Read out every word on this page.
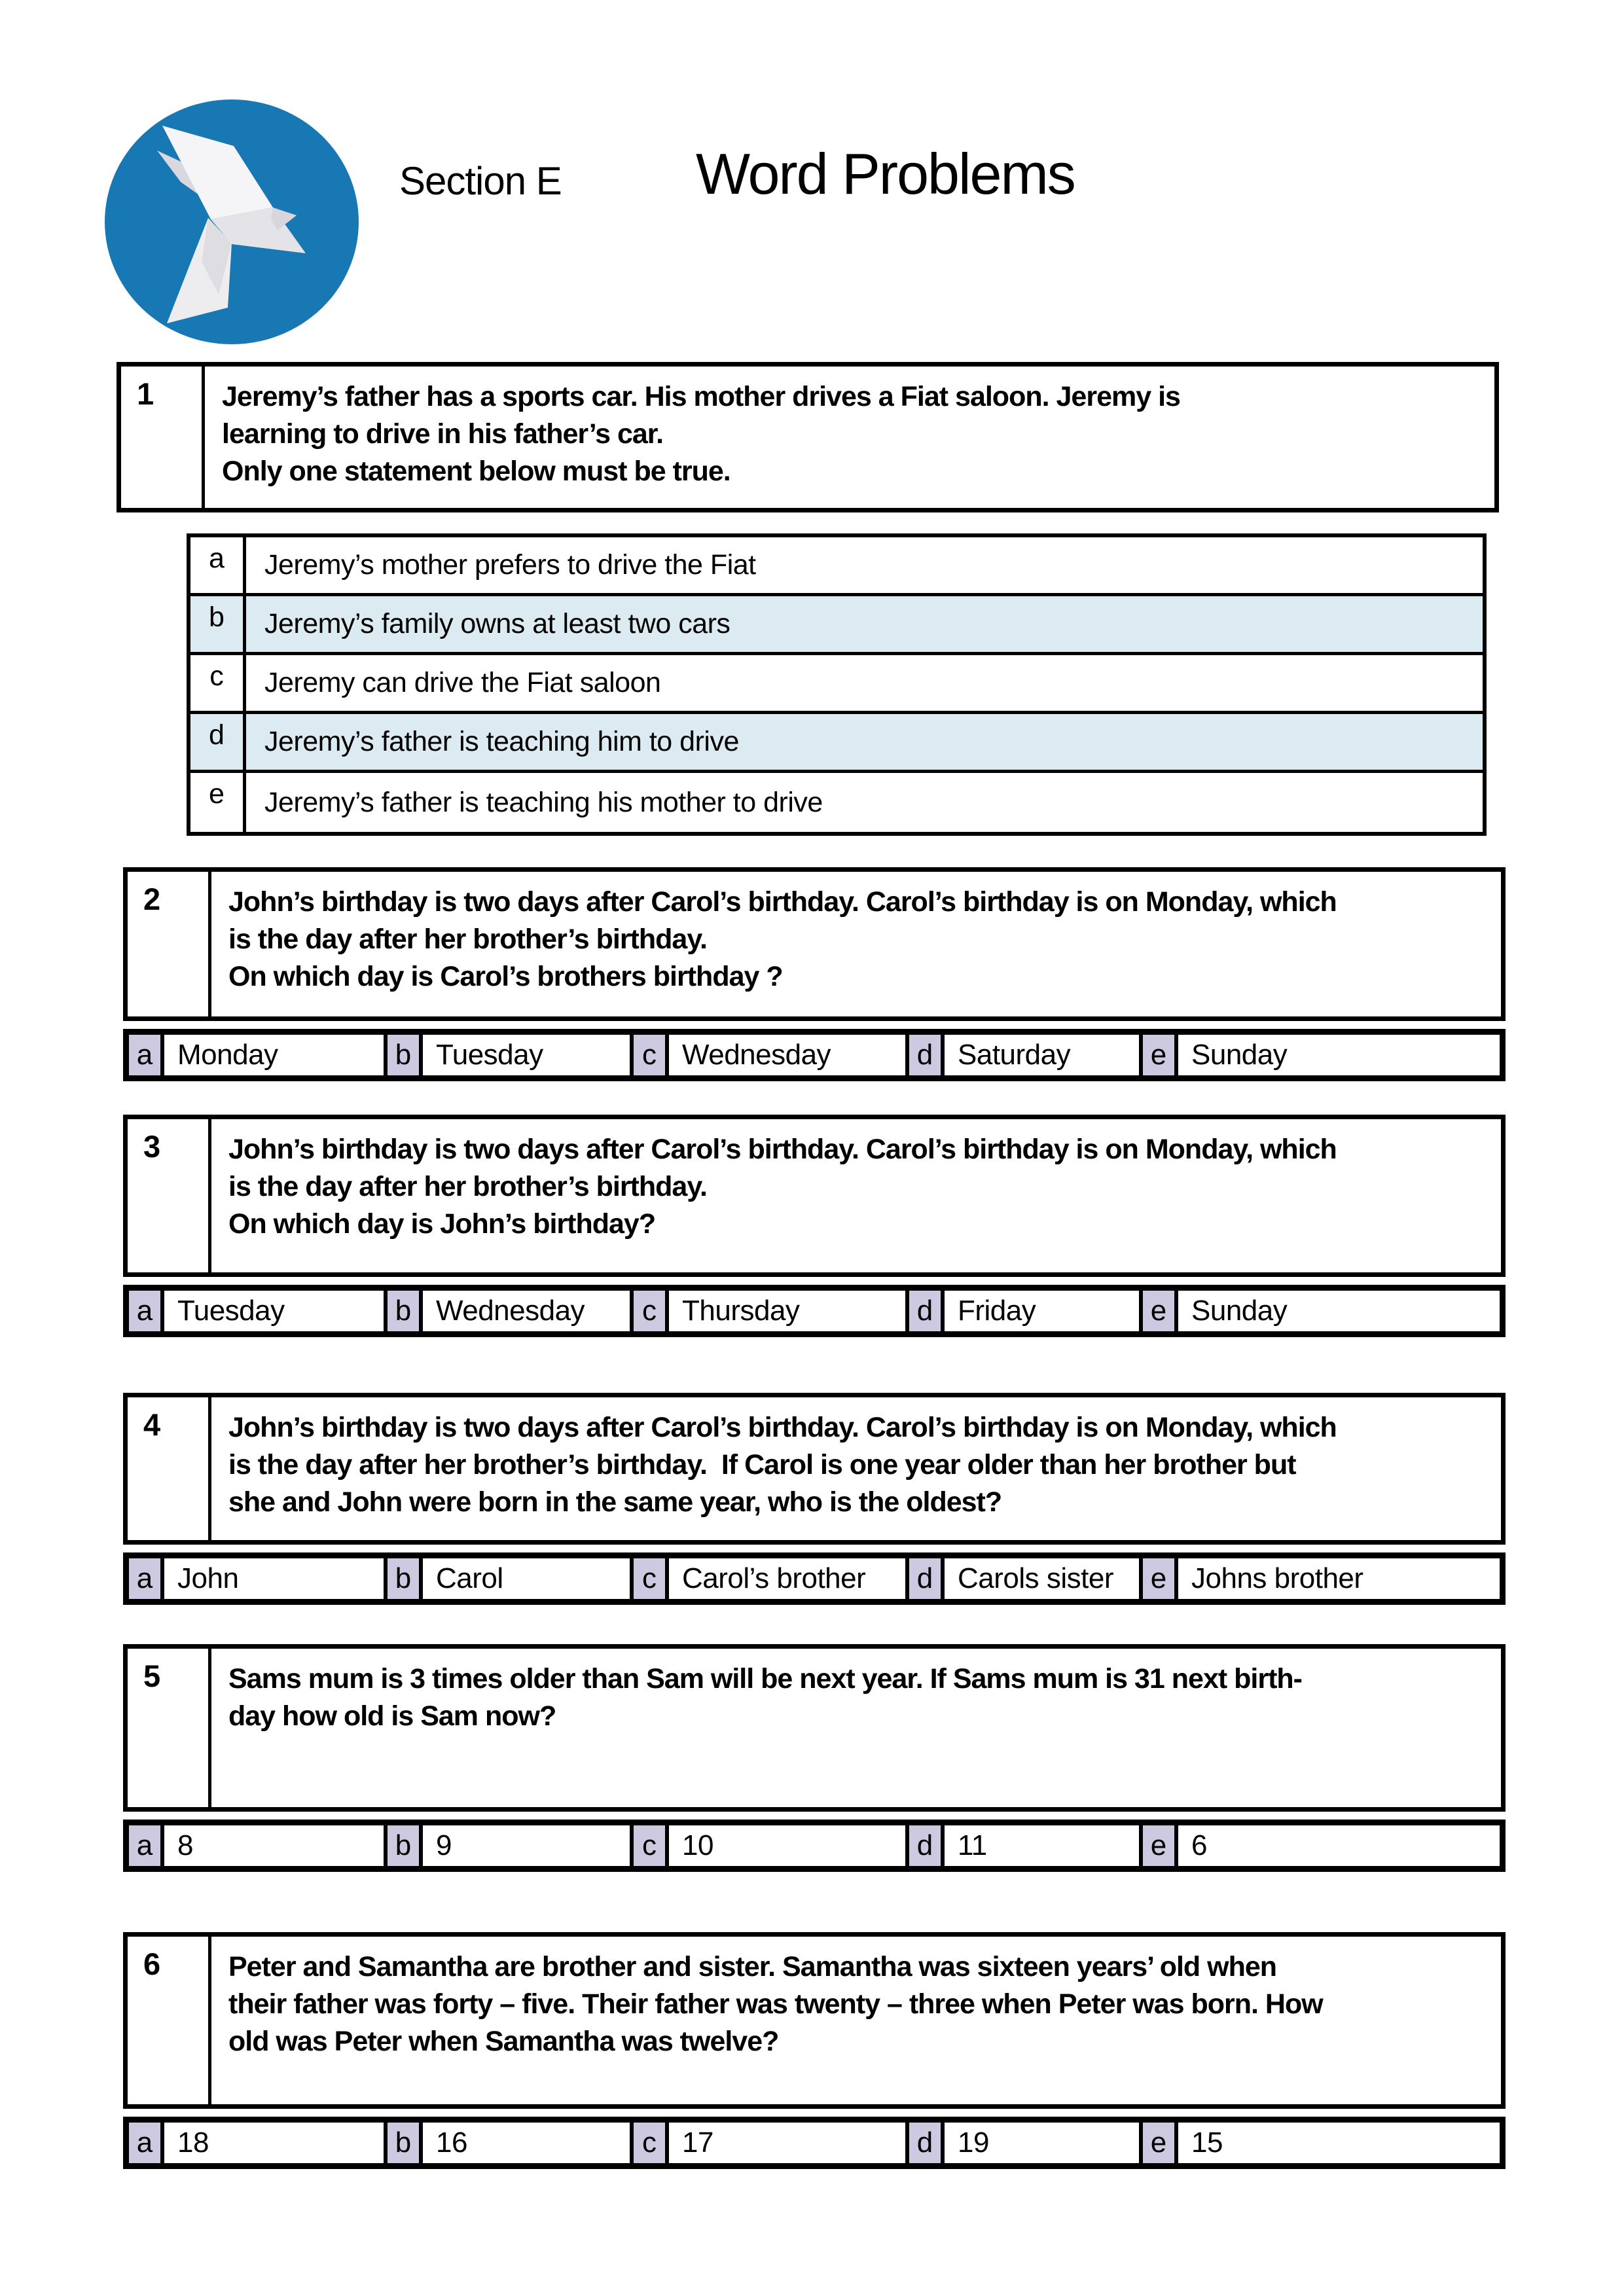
Section E Word Problems
1	Jeremy’s father has a sports car. His mother drives a Fiat saloon. Jeremy is
learning to drive in his father’s car.
Only one statement below must be true.
a	Jeremy’s mother prefers to drive the Fiat
b	Jeremy’s family owns at least two cars
c	Jeremy can drive the Fiat saloon
d	Jeremy’s father is teaching him to drive
e	Jeremy’s father is teaching his mother to drive
2	John’s birthday is two days after Carol’s birthday. Carol’s birthday is on Monday, which
is the day after her brother’s birthday.
On which day is Carol’s brothers birthday ?
a Monday	b Tuesday	c Wednesday	d Saturday	e Sunday
3	John’s birthday is two days after Carol’s birthday. Carol’s birthday is on Monday, which
is the day after her brother’s birthday.
On which day is John’s birthday?
a Tuesday	b Wednesday	c Thursday	d Friday	e Sunday
4	John’s birthday is two days after Carol’s birthday. Carol’s birthday is on Monday, which
is the day after her brother’s birthday.  If Carol is one year older than her brother but
she and John were born in the same year, who is the oldest?
a John	b Carol	c Carol’s brother	d Carols sister	e Johns brother
5	Sams mum is 3 times older than Sam will be next year. If Sams mum is 31 next birth-
day how old is Sam now?
a 8	b 9	c 10	d 11	e 6
6	Peter and Samantha are brother and sister. Samantha was sixteen years’ old when
their father was forty – five. Their father was twenty – three when Peter was born. How
old was Peter when Samantha was twelve?
a 18	b 16	c 17	d 19	e 15
